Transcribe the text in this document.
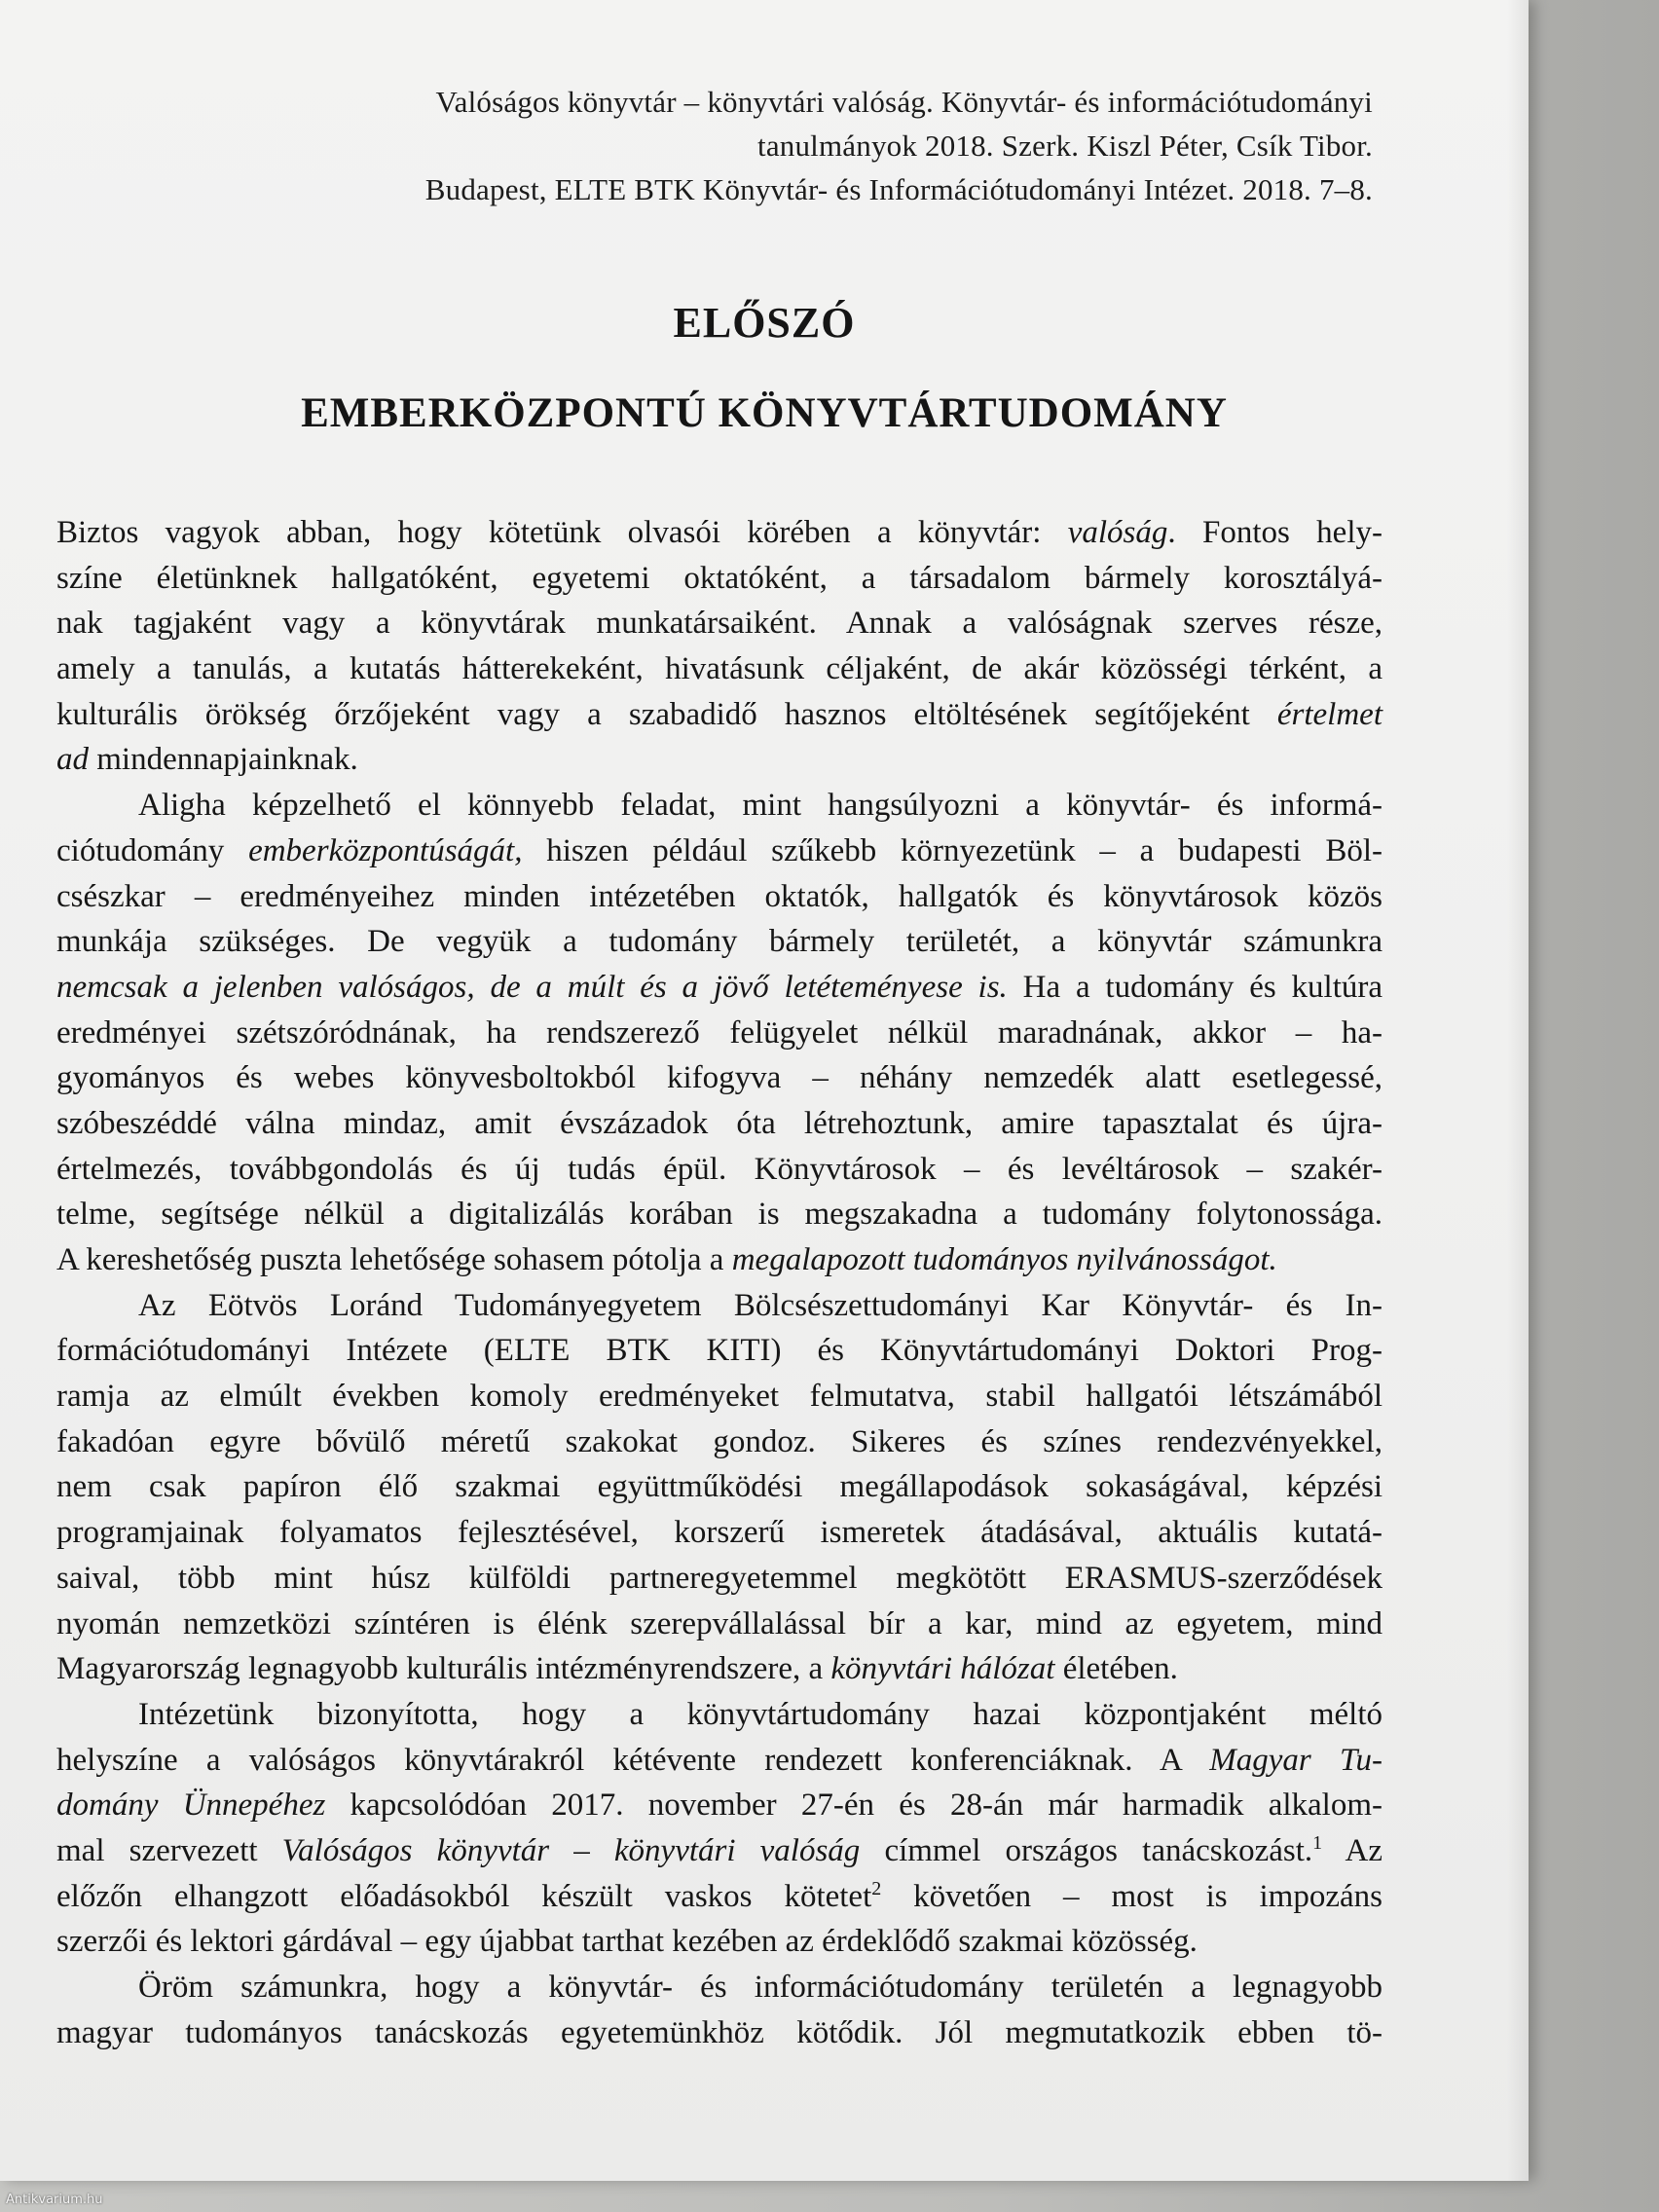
Valóságos könyvtár – könyvtári valóság. Könyvtár- és információtudományi
tanulmányok 2018. Szerk. Kiszl Péter, Csík Tibor.
Budapest, ELTE BTK Könyvtár- és Információtudományi Intézet. 2018. 7–8.
ELŐSZÓ
EMBERKÖZPONTÚ KÖNYVTÁRTUDOMÁNY
Biztos vagyok abban, hogy kötetünk olvasói körében a könyvtár: valóság. Fontos hely-
színe életünknek hallgatóként, egyetemi oktatóként, a társadalom bármely korosztályá-
nak tagjaként vagy a könyvtárak munkatársaiként. Annak a valóságnak szerves része,
amely a tanulás, a kutatás hátterekeként, hivatásunk céljaként, de akár közösségi térként, a
kulturális örökség őrzőjeként vagy a szabadidő hasznos eltöltésének segítőjeként értelmet
ad mindennapjainknak.
Aligha képzelhető el könnyebb feladat, mint hangsúlyozni a könyvtár- és informá-
ciótudomány emberközpontúságát, hiszen például szűkebb környezetünk – a budapesti Böl-
csészkar – eredményeihez minden intézetében oktatók, hallgatók és könyvtárosok közös
munkája szükséges. De vegyük a tudomány bármely területét, a könyvtár számunkra
nemcsak a jelenben valóságos, de a múlt és a jövő letéteményese is. Ha a tudomány és kultúra
eredményei szétszóródnának, ha rendszerező felügyelet nélkül maradnának, akkor – ha-
gyományos és webes könyvesboltokból kifogyva – néhány nemzedék alatt esetlegessé,
szóbeszéddé válna mindaz, amit évszázadok óta létrehoztunk, amire tapasztalat és újra-
értelmezés, továbbgondolás és új tudás épül. Könyvtárosok – és levéltárosok – szakér-
telme, segítsége nélkül a digitalizálás korában is megszakadna a tudomány folytonossága.
A kereshetőség puszta lehetősége sohasem pótolja a megalapozott tudományos nyilvánosságot.
Az Eötvös Loránd Tudományegyetem Bölcsészettudományi Kar Könyvtár- és In-
formációtudományi Intézete (ELTE BTK KITI) és Könyvtártudományi Doktori Prog-
ramja az elmúlt években komoly eredményeket felmutatva, stabil hallgatói létszámából
fakadóan egyre bővülő méretű szakokat gondoz. Sikeres és színes rendezvényekkel,
nem csak papíron élő szakmai együttműködési megállapodások sokaságával, képzési
programjainak folyamatos fejlesztésével, korszerű ismeretek átadásával, aktuális kutatá-
saival, több mint húsz külföldi partneregyetemmel megkötött ERASMUS-szerződések
nyomán nemzetközi színtéren is élénk szerepvállalással bír a kar, mind az egyetem, mind
Magyarország legnagyobb kulturális intézményrendszere, a könyvtári hálózat életében.
Intézetünk bizonyította, hogy a könyvtártudomány hazai központjaként méltó
helyszíne a valóságos könyvtárakról kétévente rendezett konferenciáknak. A Magyar Tu-
domány Ünnepéhez kapcsolódóan 2017. november 27-én és 28-án már harmadik alkalom-
mal szervezett Valóságos könyvtár – könyvtári valóság címmel országos tanácskozást.$^1$ Az
előzőn elhangzott előadásokból készült vaskos kötetet$^2$ követően – most is impozáns
szerzői és lektori gárdával – egy újabbat tarthat kezében az érdeklődő szakmai közösség.
Öröm számunkra, hogy a könyvtár- és információtudomány területén a legnagyobb
magyar tudományos tanácskozás egyetemünkhöz kötődik. Jól megmutatkozik ebben tö-
Antikvarium.hu
